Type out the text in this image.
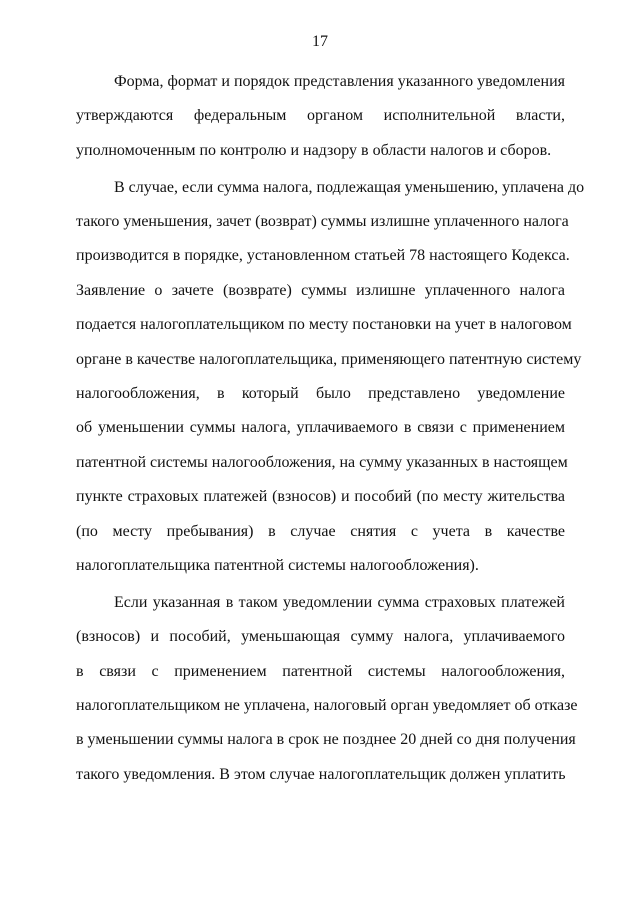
17
Форма, формат и порядок представления указанного уведомления
утверждаются федеральным органом исполнительной власти,
уполномоченным по контролю и надзору в области налогов и сборов.
В случае, если сумма налога, подлежащая уменьшению, уплачена до
такого уменьшения, зачет (возврат) суммы излишне уплаченного налога
производится в порядке, установленном статьей 78 настоящего Кодекса.
Заявление о зачете (возврате) суммы излишне уплаченного налога
подается налогоплательщиком по месту постановки на учет в налоговом
органе в качестве налогоплательщика, применяющего патентную систему
налогообложения, в который было представлено уведомление
об уменьшении суммы налога, уплачиваемого в связи с применением
патентной системы налогообложения, на сумму указанных в настоящем
пункте страховых платежей (взносов) и пособий (по месту жительства
(по месту пребывания) в случае снятия с учета в качестве
налогоплательщика патентной системы налогообложения).
Если указанная в таком уведомлении сумма страховых платежей
(взносов) и пособий, уменьшающая сумму налога, уплачиваемого
в связи с применением патентной системы налогообложения,
налогоплательщиком не уплачена, налоговый орган уведомляет об отказе
в уменьшении суммы налога в срок не позднее 20 дней со дня получения
такого уведомления. В этом случае налогоплательщик должен уплатить
